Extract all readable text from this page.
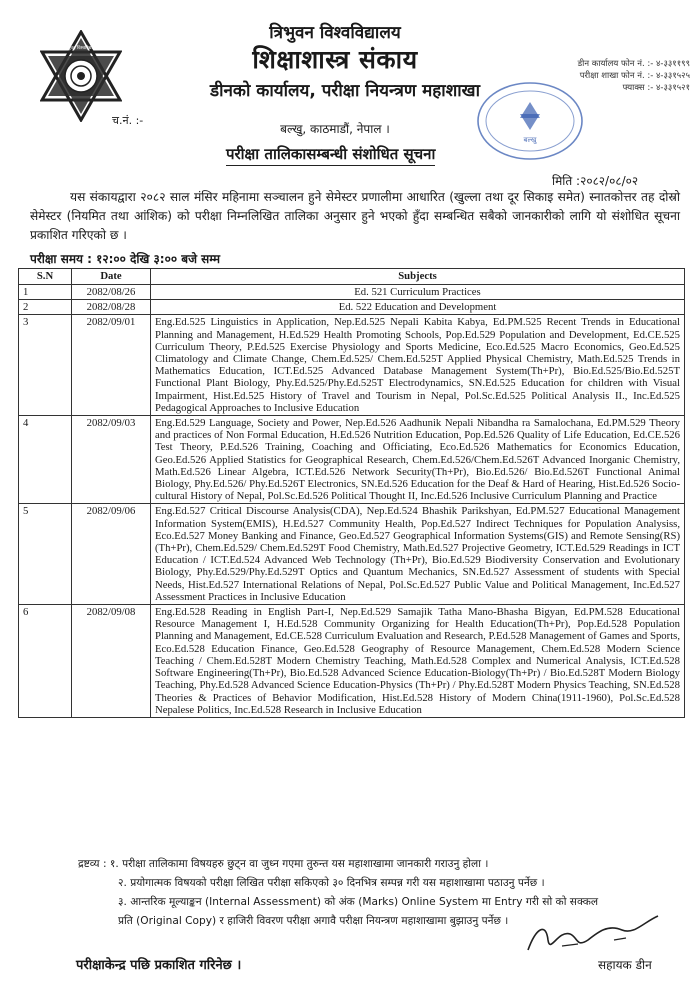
त्रिभुवन विश्वविद्यालय
च.नं. :-
त्रिभुवन विश्वविद्यालय
शिक्षाशास्त्र संकाय
डीनको कार्यालय, परीक्षा नियन्त्रण महाशाखा
बल्खु, काठमाडौं, नेपाल ।
परीक्षा तालिकासम्बन्धी संशोधित सूचना
डीन कार्यालय फोन नं. :- ४-३३११९९
परीक्षा शाखा फोन नं. :- ४-३३१५२५
फ्याक्स :- ४-३३१५२१
बल्खु
मिति :२०८२/०८/०२
यस संकायद्वारा २०८२ साल मंसिर महिनामा सञ्चालन हुने सेमेस्टर प्रणालीमा आधारित (खुल्ला तथा दूर सिकाइ समेत) स्नातकोत्तर तह दोस्रो सेमेस्टर (नियमित तथा आंशिक) को परीक्षा निम्नलिखित तालिका अनुसार हुने भएको हुँदा सम्बन्धित सबैको जानकारीको लागि यो संशोधित सूचना प्रकाशित गरिएको छ ।
परीक्षा समय : १२:०० देखि ३:०० बजे सम्म
S.N	Date	Subjects
1	2082/08/26	Ed. 521 Curriculum Practices
2	2082/08/28	Ed. 522 Education and Development
3	2082/09/01	Eng.Ed.525 Linguistics in Application, Nep.Ed.525 Nepali Kabita Kabya, Ed.PM.525 Recent Trends in Educational Planning and Management, H.Ed.529 Health Promoting Schools, Pop.Ed.529 Population and Development, Ed.CE.525 Curriculum Theory, P.Ed.525 Exercise Physiology and Sports Medicine, Eco.Ed.525 Macro Economics, Geo.Ed.525 Climatology and Climate Change, Chem.Ed.525/ Chem.Ed.525T Applied Physical Chemistry, Math.Ed.525 Trends in Mathematics Education, ICT.Ed.525 Advanced Database Management System(Th+Pr), Bio.Ed.525/Bio.Ed.525T Functional Plant Biology, Phy.Ed.525/Phy.Ed.525T Electrodynamics, SN.Ed.525 Education for children with Visual Impairment, Hist.Ed.525 History of Travel and Tourism in Nepal, Pol.Sc.Ed.525 Political Analysis II., Inc.Ed.525 Pedagogical Approaches to Inclusive Education
4	2082/09/03	Eng.Ed.529 Language, Society and Power, Nep.Ed.526 Aadhunik Nepali Nibandha ra Samalochana, Ed.PM.529 Theory and practices of Non Formal Education, H.Ed.526 Nutrition Education, Pop.Ed.526 Quality of Life Education, Ed.CE.526 Test Theory, P.Ed.526 Training, Coaching and Officiating, Eco.Ed.526 Mathematics for Economics Education, Geo.Ed.526 Applied Statistics for Geographical Research, Chem.Ed.526/Chem.Ed.526T Advanced Inorganic Chemistry, Math.Ed.526 Linear Algebra, ICT.Ed.526 Network Security(Th+Pr), Bio.Ed.526/ Bio.Ed.526T Functional Animal Biology, Phy.Ed.526/ Phy.Ed.526T Electronics, SN.Ed.526 Education for the Deaf & Hard of Hearing, Hist.Ed.526 Socio-cultural History of Nepal, Pol.Sc.Ed.526 Political Thought II, Inc.Ed.526 Inclusive Curriculum Planning and Practice
5	2082/09/06	Eng.Ed.527 Critical Discourse Analysis(CDA), Nep.Ed.524 Bhashik Parikshyan, Ed.PM.527 Educational Management Information System(EMIS), H.Ed.527 Community Health, Pop.Ed.527 Indirect Techniques for Population Analysiss, Eco.Ed.527 Money Banking and Finance, Geo.Ed.527 Geographical Information Systems(GIS) and Remote Sensing(RS) (Th+Pr), Chem.Ed.529/ Chem.Ed.529T Food Chemistry, Math.Ed.527 Projective Geometry, ICT.Ed.529 Readings in ICT Education / ICT.Ed.524 Advanced Web Technology (Th+Pr), Bio.Ed.529 Biodiversity Conservation and Evolutionary Biology, Phy.Ed.529/Phy.Ed.529T Optics and Quantum Mechanics, SN.Ed.527 Assessment of students with Special Needs, Hist.Ed.527 International Relations of Nepal, Pol.Sc.Ed.527 Public Value and Political Management, Inc.Ed.527 Assessment Practices in Inclusive Education
6	2082/09/08	Eng.Ed.528 Reading in English Part-I, Nep.Ed.529 Samajik Tatha Mano-Bhasha Bigyan, Ed.PM.528 Educational Resource Management I, H.Ed.528 Community Organizing for Health Education(Th+Pr), Pop.Ed.528 Population Planning and Management, Ed.CE.528 Curriculum Evaluation and Research, P.Ed.528 Management of Games and Sports, Eco.Ed.528 Education Finance, Geo.Ed.528 Geography of Resource Management, Chem.Ed.528 Modern Science Teaching / Chem.Ed.528T Modern Chemistry Teaching, Math.Ed.528 Complex and Numerical Analysis, ICT.Ed.528 Software Engineering(Th+Pr), Bio.Ed.528 Advanced Science Education-Biology(Th+Pr) / Bio.Ed.528T Modern Biology Teaching, Phy.Ed.528 Advanced Science Education-Physics (Th+Pr) / Phy.Ed.528T Modern Physics Teaching, SN.Ed.528 Theories & Practices of Behavior Modification, Hist.Ed.528 History of Modern China(1911-1960), Pol.Sc.Ed.528 Nepalese Politics, Inc.Ed.528 Research in Inclusive Education
द्रष्टव्य : १. परीक्षा तालिकामा विषयहरु छुट्न वा जुध्न गएमा तुरुन्त यस महाशाखामा जानकारी गराउनु होला ।
२. प्रयोगात्मक विषयको परीक्षा लिखित परीक्षा सकिएको ३० दिनभित्र सम्पन्न गरी यस महाशाखामा पठाउनु पर्नेछ ।
३. आन्तरिक मूल्याङ्कन (Internal Assessment) को अंक (Marks) Online System मा Entry गरी सो को सक्कल
प्रति (Original Copy) र हाजिरी विवरण परीक्षा अगावै परीक्षा नियन्त्रण महाशाखामा बुझाउनु पर्नेछ ।
परीक्षाकेन्द्र पछि प्रकाशित गरिनेछ ।	सहायक डीन
